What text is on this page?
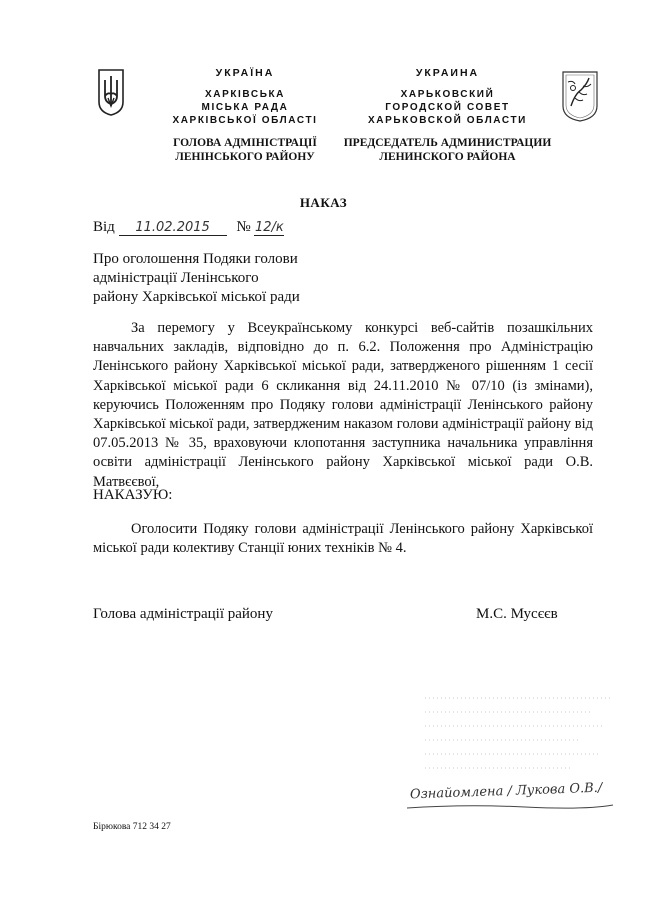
УКРАЇНА
ХАРКІВСЬКА
МІСЬКА РАДА
ХАРКІВСЬКОЇ ОБЛАСТІ
ГОЛОВА АДМІНІСТРАЦІЇ
ЛЕНІНСЬКОГО РАЙОНУ
УКРАИНА
ХАРЬКОВСКИЙ
ГОРОДСКОЙ СОВЕТ
ХАРЬКОВСКОЙ ОБЛАСТИ
ПРЕДСЕДАТЕЛЬ АДМИНИСТРАЦИИ
ЛЕНИНСКОГО РАЙОНА
НАКАЗ
Від 11.02.2015 № 12/к
Про оголошення Подяки голови
адміністрації Ленінського
району Харківської міської ради
За перемогу у Всеукраїнському конкурсі веб-сайтів позашкільних навчальних закладів, відповідно до п. 6.2. Положення про Адміністрацію Ленінського району Харківської міської ради, затвердженого рішенням 1 сесії Харківської міської ради 6 скликання від 24.11.2010 № 07/10 (із змінами), керуючись Положенням про Подяку голови адміністрації Ленінського району Харківської міської ради, затвердженим наказом голови адміністрації району від 07.05.2013 № 35, враховуючи клопотання заступника начальника управління освіти адміністрації Ленінського району Харківської міської ради О.В. Матвєєвої,
НАКАЗУЮ:
Оголосити Подяку голови адміністрації Ленінського району Харківської міської ради колективу Станції юних техніків № 4.
Голова адміністрації району	М.С. Мусєєв
Ознайомлена / Лукова О.В./
Бірюкова 712 34 27
